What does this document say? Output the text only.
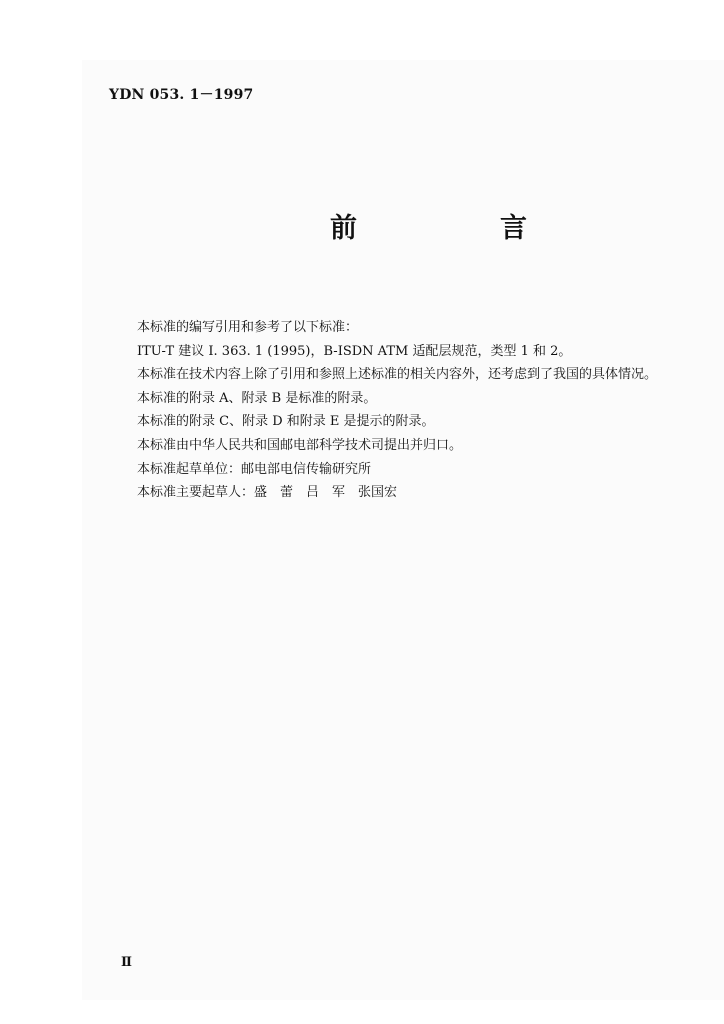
YDN 053. 1－1997
前　言

本标准的编写引用和参考了以下标准：

ITU-T 建议 I. 363. 1 (1995)，B-ISDN ATM 适配层规范，类型 1 和 2。

本标准在技术内容上除了引用和参照上述标准的相关内容外，还考虑到了我国的具体情况。

本标准的附录 A、附录 B 是标准的附录。

本标准的附录 C、附录 D 和附录 E 是提示的附录。

本标准由中华人民共和国邮电部科学技术司提出并归口。

本标准起草单位：邮电部电信传输研究所

本标准主要起草人：盛　蕾　吕　军　张国宏

Ⅱ
